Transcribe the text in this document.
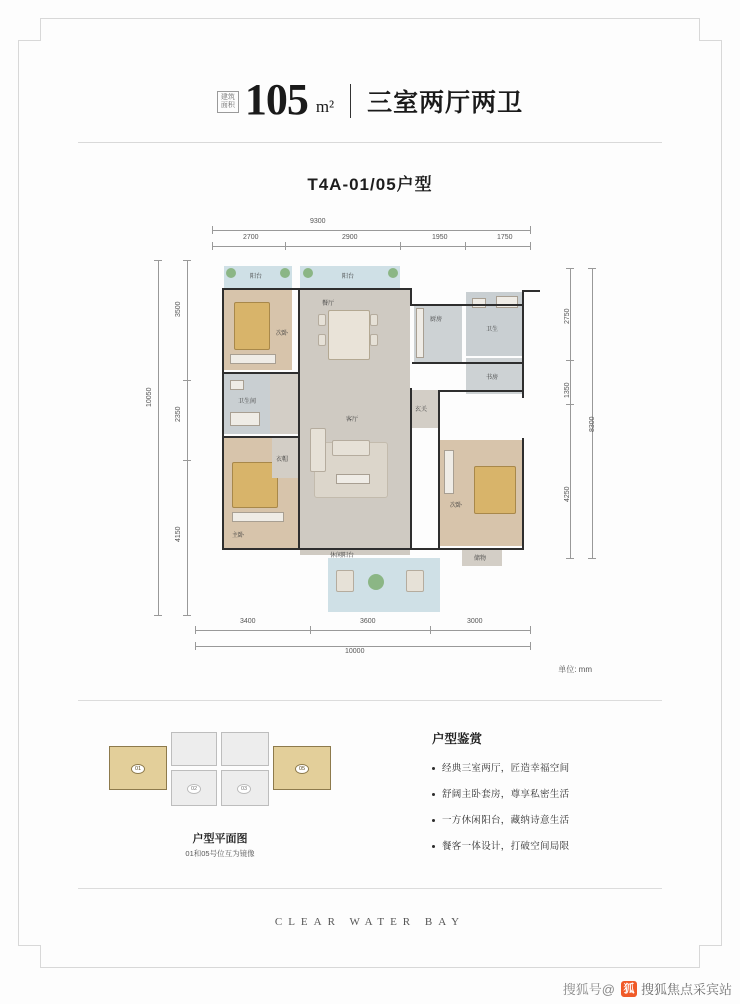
建筑面积 105 m² 三室两厅两卫
T4A-01/05户型
9300
2700	2900	1950	1750
10050
3500
2350
4150
2750
1350
4250
8300
3400	3600	3000
10000
阳台	阳台
次卧
餐厅
厨房
卫生
书房
卫生间
客厅
主卧
衣帽
次卧
储物
休闲阳台
玄关
单位: mm
01
02	03
05
户型平面图
01和05号位互为镜像
户型鉴赏
经典三室两厅，匠造幸福空间
舒阔主卧套房，尊享私密生活
一方休闲阳台，藏纳诗意生活
餐客一体设计，打破空间局限
CLEAR WATER BAY
搜狐号@ 狐 搜狐焦点采宾站
